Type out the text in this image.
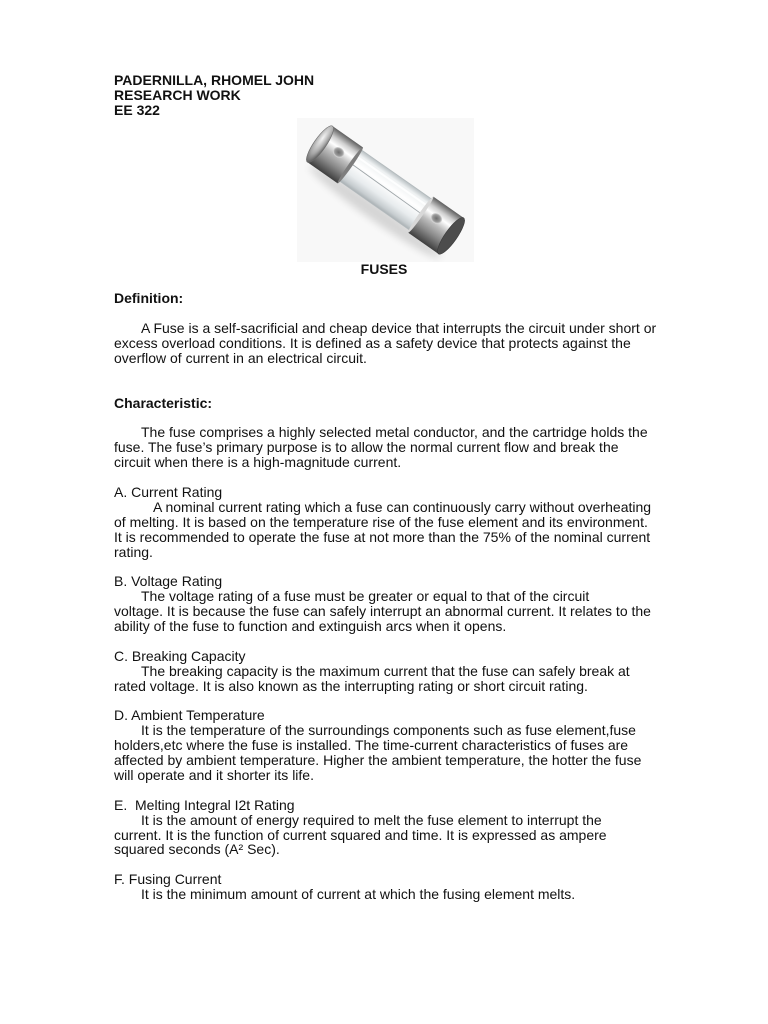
PADERNILLA, RHOMEL JOHN
RESEARCH WORK
EE 322
FUSES
Definition:
A Fuse is a self-sacrificial and cheap device that interrupts the circuit under short or
excess overload conditions. It is defined as a safety device that protects against the
overflow of current in an electrical circuit.
Characteristic:
The fuse comprises a highly selected metal conductor, and the cartridge holds the
fuse. The fuse’s primary purpose is to allow the normal current flow and break the
circuit when there is a high-magnitude current.
A. Current Rating
A nominal current rating which a fuse can continuously carry without overheating
of melting. It is based on the temperature rise of the fuse element and its environment.
It is recommended to operate the fuse at not more than the 75% of the nominal current
rating.
B. Voltage Rating
The voltage rating of a fuse must be greater or equal to that of the circuit
voltage. It is because the fuse can safely interrupt an abnormal current. It relates to the
ability of the fuse to function and extinguish arcs when it opens.
C. Breaking Capacity
The breaking capacity is the maximum current that the fuse can safely break at
rated voltage. It is also known as the interrupting rating or short circuit rating.
D. Ambient Temperature
It is the temperature of the surroundings components such as fuse element,fuse
holders,etc where the fuse is installed. The time-current characteristics of fuses are
affected by ambient temperature. Higher the ambient temperature, the hotter the fuse
will operate and it shorter its life.
E.  Melting Integral I2t Rating
It is the amount of energy required to melt the fuse element to interrupt the
current. It is the function of current squared and time. It is expressed as ampere
squared seconds (A² Sec).
F. Fusing Current
It is the minimum amount of current at which the fusing element melts.
